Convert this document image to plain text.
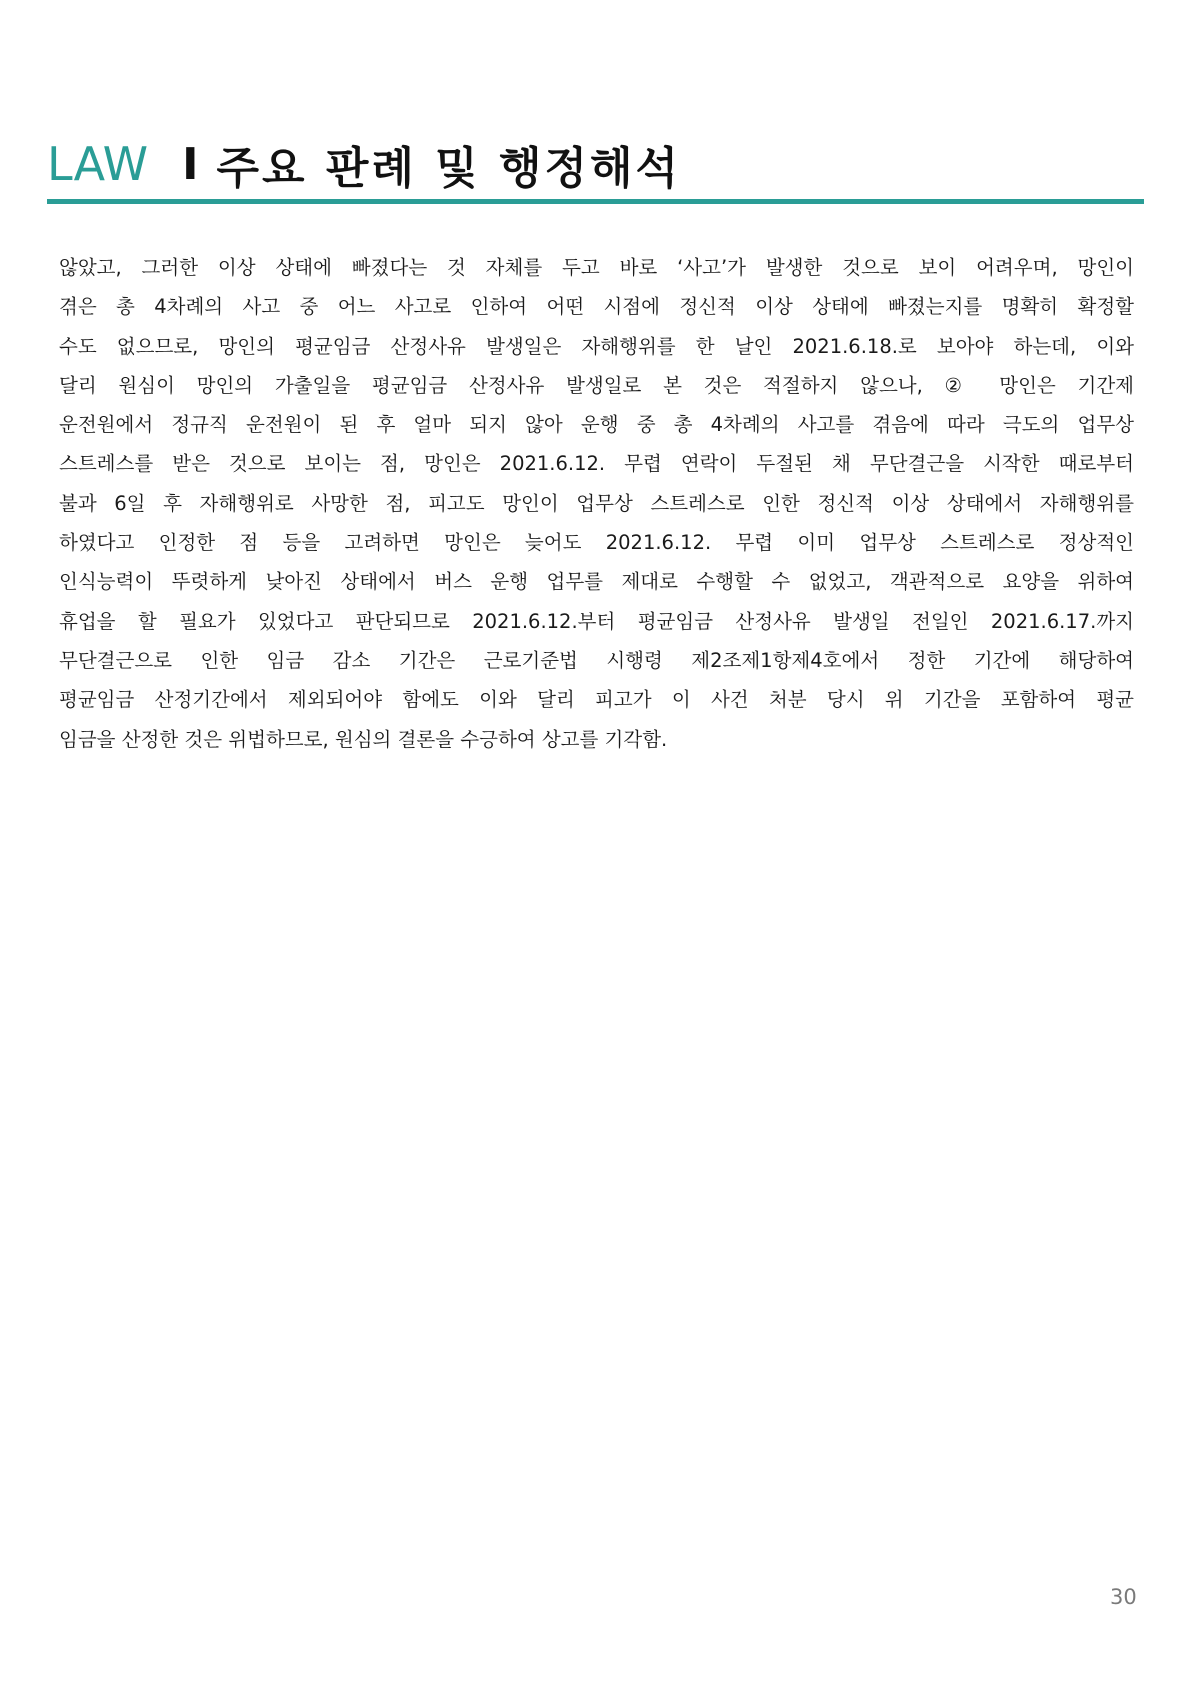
LAW I 주요 판례 및 행정해석
않았고, 그러한 이상 상태에 빠졌다는 것 자체를 두고 바로 ‘사고’가 발생한 것으로 보이 어려우며, 망인이
겪은 총 4차례의 사고 중 어느 사고로 인하여 어떤 시점에 정신적 이상 상태에 빠졌는지를 명확히 확정할
수도 없으므로, 망인의 평균임금 산정사유 발생일은 자해행위를 한 날인 2021.6.18.로 보아야 하는데, 이와
달리 원심이 망인의 가출일을 평균임금 산정사유 발생일로 본 것은 적절하지 않으나, ② 망인은 기간제
운전원에서 정규직 운전원이 된 후 얼마 되지 않아 운행 중 총 4차례의 사고를 겪음에 따라 극도의 업무상
스트레스를 받은 것으로 보이는 점, 망인은 2021.6.12. 무렵 연락이 두절된 채 무단결근을 시작한 때로부터
불과 6일 후 자해행위로 사망한 점, 피고도 망인이 업무상 스트레스로 인한 정신적 이상 상태에서 자해행위를
하였다고 인정한 점 등을 고려하면 망인은 늦어도 2021.6.12. 무렵 이미 업무상 스트레스로 정상적인
인식능력이 뚜렷하게 낮아진 상태에서 버스 운행 업무를 제대로 수행할 수 없었고, 객관적으로 요양을 위하여
휴업을 할 필요가 있었다고 판단되므로 2021.6.12.부터 평균임금 산정사유 발생일 전일인 2021.6.17.까지
무단결근으로 인한 임금 감소 기간은 근로기준법 시행령 제2조제1항제4호에서 정한 기간에 해당하여
평균임금 산정기간에서 제외되어야 함에도 이와 달리 피고가 이 사건 처분 당시 위 기간을 포함하여 평균
임금을 산정한 것은 위법하므로, 원심의 결론을 수긍하여 상고를 기각함.
30
